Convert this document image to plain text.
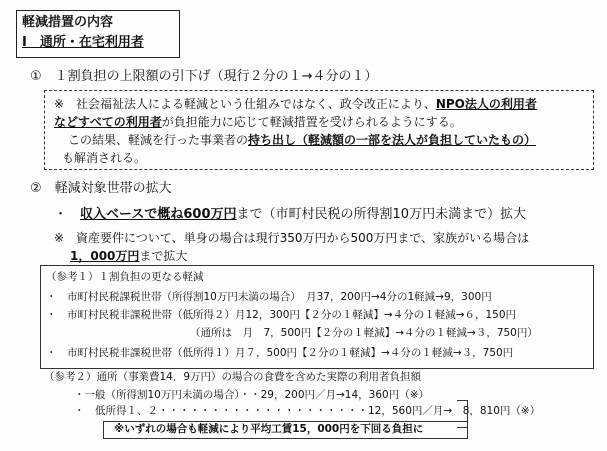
軽減措置の内容
Ⅰ　通所・在宅利用者
①　１割負担の上限額の引下げ（現行２分の１→４分の１）
※　社会福祉法人による軽減という仕組みではなく、政令改正により、NPO法人の利用者
などすべての利用者が負担能力に応じて軽減措置を受けられるようにする。
この結果、軽減を行った事業者の持ち出し（軽減額の一部を法人が負担していたもの）
も解消される。
②　軽減対象世帯の拡大
・　 収入ベースで概ね600万円まで（市町村民税の所得割10万円未満まで）拡大
※　資産要件について、単身の場合は現行350万円から500万円まで、家族がいる場合は
1，000万円まで拡大
（参考１）１割負担の更なる軽減
・　市町村民税課税世帯（所得割10万円未満の場合）　月37，200円→4分の1軽減→9，300円
・　市町村民税非課税世帯（低所得２）月12，300円【２分の１軽減】→４分の１軽減→６，150円
（通所は　月　7，500円【２分の１軽減】→４分の１軽減→３，750円）
・　市町村民税非課税世帯（低所得１）月７，500円【２分の１軽減】→４分の１軽減→３，750円
（参考２）通所（事業費14．9万円）の場合の食費を含めた実際の利用者負担額
・一般（所得割10万円未満の場合）・・29，200円／月→14，360円（※）
・　低所得１、２・・・・・・・・・・・・・・・・・・・・12，560円／月→　8，810円（※）
※いずれの場合も軽減により平均工賃15，000円を下回る負担に
